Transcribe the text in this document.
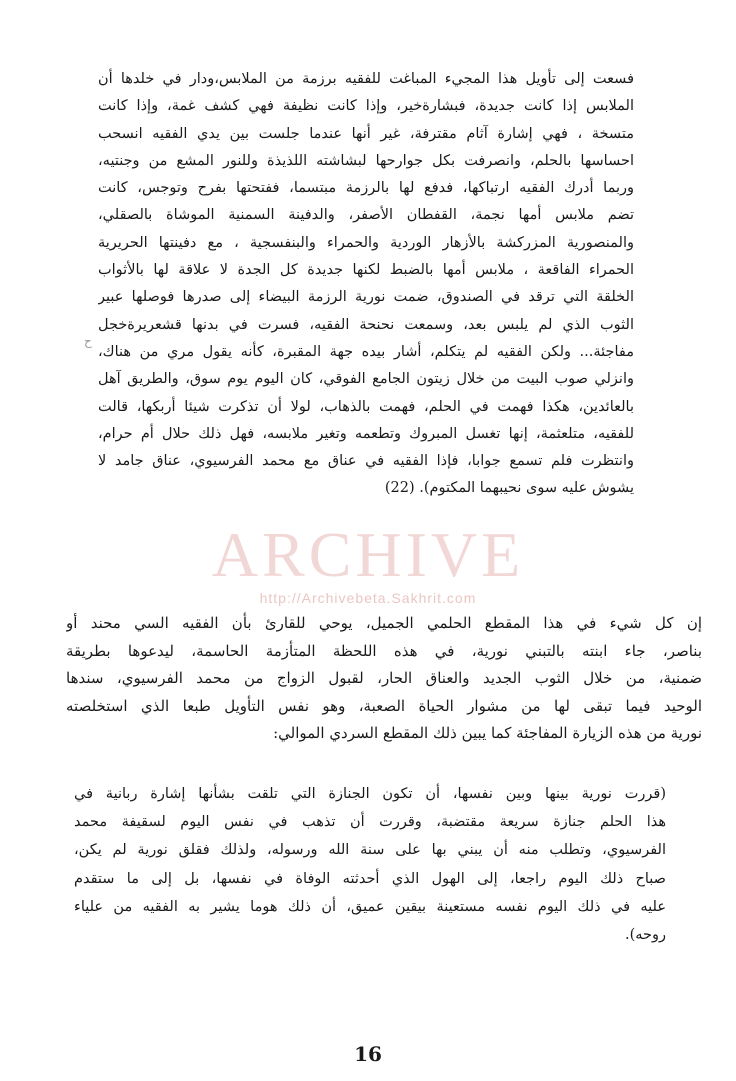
ح
فسعت إلى تأويل هذا المجيء المباغت للفقيه برزمة من الملابس،ودار في خلدها أن
الملابس إذا كانت جديدة، فبشارةخير، وإذا كانت نظيفة فهي كشف غمة، وإذا كانت
متسخة ، فهي إشارة آثام مقترفة، غير أنها عندما جلست بين يدي الفقيه انسحب
احساسها بالحلم، وانصرفت بكل جوارحها لبشاشته اللذيذة وللنور المشع من وجنتيه،
وربما أدرك الفقيه ارتباكها، فدفع لها بالرزمة مبتسما، ففتحتها بفرح وتوجس، كانت
تضم ملابس أمها نجمة، القفطان الأصفر، والدفينة السمنية الموشاة بالصقلي،
والمنصورية المزركشة بالأزهار الوردية والحمراء والبنفسجية ، مع دفينتها الحريرية
الحمراء الفاقعة ، ملابس أمها بالضبط لكنها جديدة كل الجدة لا علاقة لها بالأثواب
الخلقة التي ترقد في الصندوق، ضمت نورية الرزمة البيضاء إلى صدرها فوصلها عبير
الثوب الذي لم يلبس بعد، وسمعت نحنحة الفقيه، فسرت في بدنها قشعريرةخجل
مفاجئة... ولكن الفقيه لم يتكلم، أشار بيده جهة المقبرة، كأنه يقول مري من هناك،
وانزلي صوب البيت من خلال زيتون الجامع الفوقي، كان اليوم يوم سوق، والطريق آهل
بالعائدين، هكذا فهمت في الحلم، فهمت بالذهاب، لولا أن تذكرت شيئا أربكها، قالت
للفقيه، متلعثمة، إنها تغسل المبروك وتطعمه وتغير ملابسه، فهل ذلك حلال أم حرام،
وانتظرت فلم تسمع جوابا، فإذا الفقيه في عناق مع محمد الفرسيوي، عناق جامد لا
يشوش عليه سوى نحيبهما المكتوم). (22)
ARCHIVE
http://Archivebeta.Sakhrit.com
إن كل شيء في هذا المقطع الحلمي الجميل، يوحي للقارئ بأن الفقيه السي محند أو
بناصر، جاء ابنته بالتبني نورية، في هذه اللحظة المتأزمة الحاسمة، ليدعوها بطريقة
ضمنية، من خلال الثوب الجديد والعناق الحار، لقبول الزواج من محمد الفرسيوي، سندها
الوحيد فيما تبقى لها من مشوار الحياة الصعبة، وهو نفس التأويل طبعا الذي استخلصته
نورية من هذه الزيارة المفاجئة كما يبين ذلك المقطع السردي الموالي:
(قررت نورية بينها وبين نفسها، أن تكون الجنازة التي تلقت بشأنها إشارة ربانية في
هذا الحلم جنازة سريعة مقتضبة، وقررت أن تذهب في نفس اليوم لسقيفة محمد
الفرسيوي، وتطلب منه أن يبني بها على سنة الله ورسوله، ولذلك فقلق نورية لم يكن،
صباح ذلك اليوم راجعا، إلى الهول الذي أحدثته الوفاة في نفسها، بل إلى ما ستقدم
عليه في ذلك اليوم نفسه مستعينة بيقين عميق، أن ذلك هوما يشير به الفقيه من علياء
روحه).
16
